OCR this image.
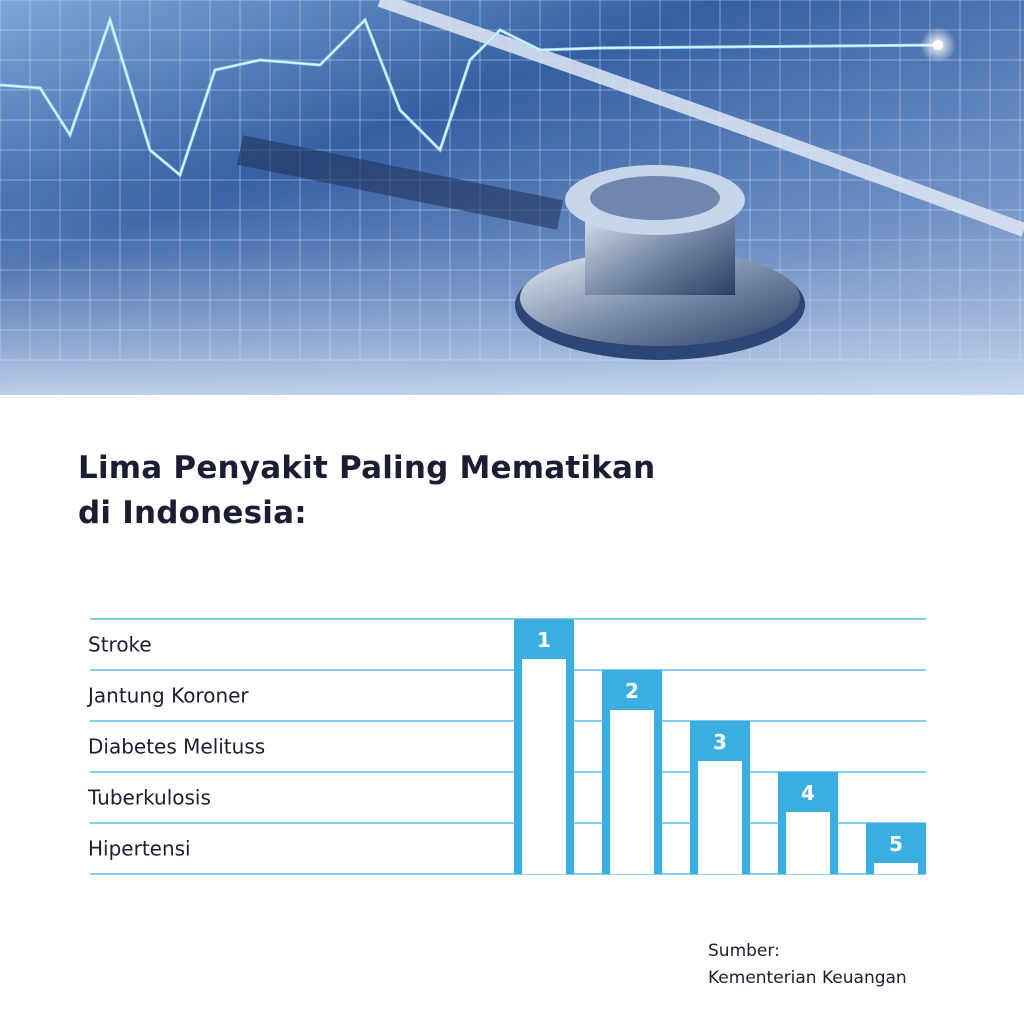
Lima Penyakit Paling Mematikan
di Indonesia:
Stroke
Jantung Koroner
Diabetes Melituss
Tuberkulosis
Hipertensi
1
2
3
4
5
Sumber:
Kementerian Keuangan
